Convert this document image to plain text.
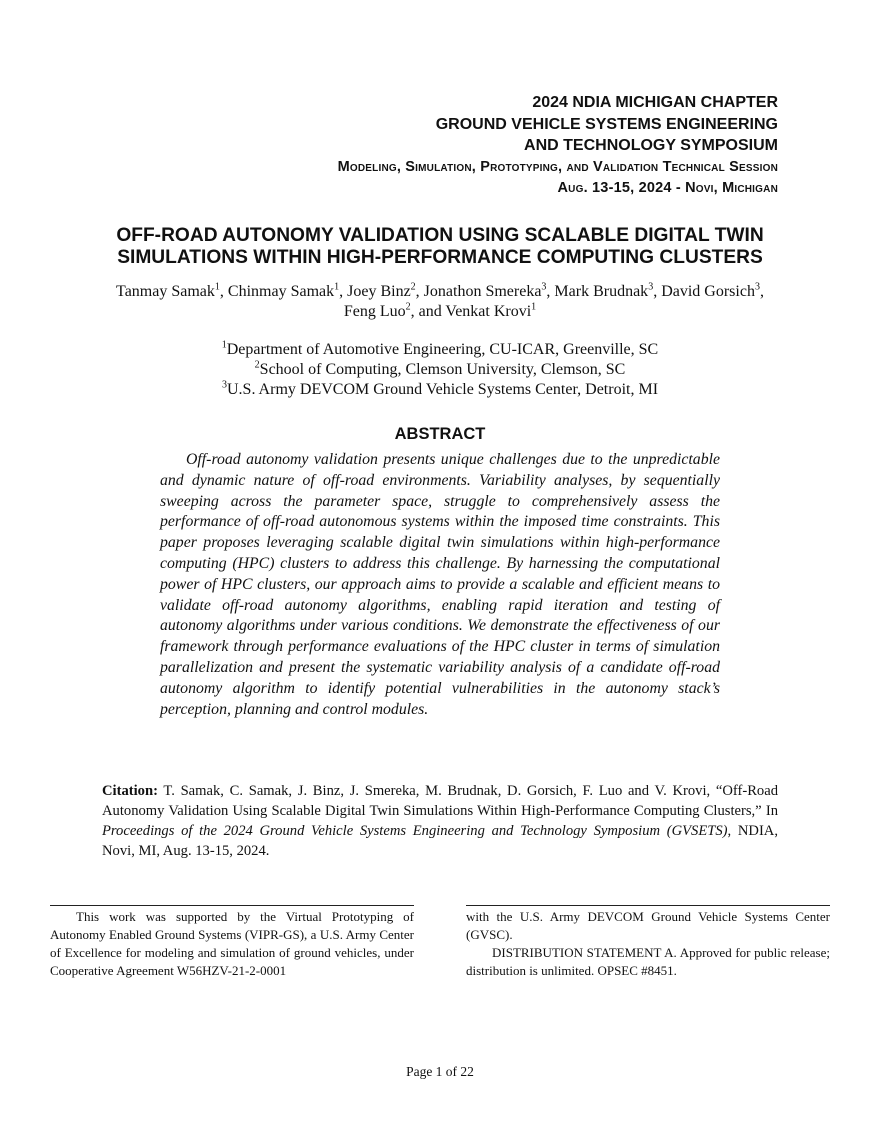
2024 NDIA MICHIGAN CHAPTER
GROUND VEHICLE SYSTEMS ENGINEERING
AND TECHNOLOGY SYMPOSIUM
Modeling, Simulation, Prototyping, and Validation Technical Session
Aug. 13-15, 2024 - Novi, Michigan
OFF-ROAD AUTONOMY VALIDATION USING SCALABLE DIGITAL TWIN
SIMULATIONS WITHIN HIGH-PERFORMANCE COMPUTING CLUSTERS
Tanmay Samak$^1$, Chinmay Samak$^1$, Joey Binz$^2$, Jonathon Smereka$^3$, Mark Brudnak$^3$, David Gorsich$^3$, Feng Luo$^2$, and Venkat Krovi$^1$
$^1$Department of Automotive Engineering, CU-ICAR, Greenville, SC
$^2$School of Computing, Clemson University, Clemson, SC
$^3$U.S. Army DEVCOM Ground Vehicle Systems Center, Detroit, MI
ABSTRACT

Off-road autonomy validation presents unique challenges due to the unpredictable and dynamic nature of off-road environments. Variability analyses, by sequentially sweeping across the parameter space, struggle to comprehensively assess the performance of off-road autonomous systems within the imposed time constraints. This paper proposes leveraging scalable digital twin simulations within high-performance computing (HPC) clusters to address this challenge. By harnessing the computational power of HPC clusters, our approach aims to provide a scalable and efficient means to validate off-road autonomy algorithms, enabling rapid iteration and testing of autonomy algorithms under various conditions. We demonstrate the effectiveness of our framework through performance evaluations of the HPC cluster in terms of simulation parallelization and present the systematic variability analysis of a candidate off-road autonomy algorithm to identify potential vulnerabilities in the autonomy stack’s perception, planning and control modules.

Citation: T. Samak, C. Samak, J. Binz, J. Smereka, M. Brudnak, D. Gorsich, F. Luo and V. Krovi, “Off-Road Autonomy Validation Using Scalable Digital Twin Simulations Within High-Performance Computing Clusters,” In Proceedings of the 2024 Ground Vehicle Systems Engineering and Technology Symposium (GVSETS), NDIA, Novi, MI, Aug. 13-15, 2024.

This work was supported by the Virtual Prototyping of Autonomy Enabled Ground Systems (VIPR-GS), a U.S. Army Center of Excellence for modeling and simulation of ground vehicles, under Cooperative Agreement W56HZV-21-2-0001

with the U.S. Army DEVCOM Ground Vehicle Systems Center (GVSC).

DISTRIBUTION STATEMENT A. Approved for public release; distribution is unlimited. OPSEC #8451.

Page 1 of 22
